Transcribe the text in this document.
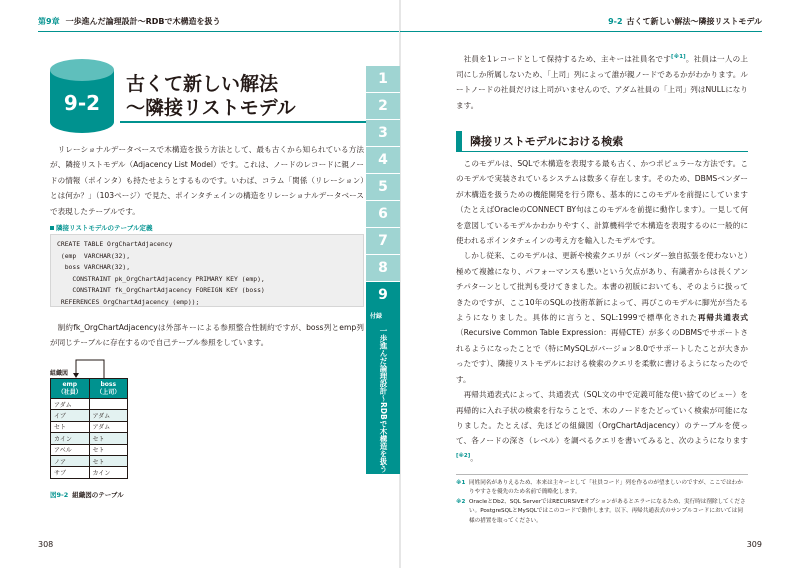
第9章 一歩進んだ論理設計〜RDBで木構造を扱う
9-2
古くて新しい解法
〜隣接リストモデル

リレーショナルデータベースで木構造を扱う方法として、最も古くから知られている方法が、隣接リストモデル（Adjacency List Model）です。これは、ノードのレコードに親ノードの情報（ポインタ）も持たせようとするものです。いわば、コラム「関係（リレーション）とは何か？」（103ページ）で見た、ポインタチェインの構造をリレーショナルデータベースで表現したテーブルです。

隣接リストモデルのテーブル定義
CREATE TABLE OrgChartAdjacency
(emp  VARCHAR(32),
boss VARCHAR(32),
CONSTRAINT pk_OrgChartAdjacency PRIMARY KEY (emp),
CONSTRAINT fk_OrgChartAdjacency FOREIGN KEY (boss)
REFERENCES OrgChartAdjacency (emp));

制約fk_OrgChartAdjacencyは外部キーによる参照整合性制約ですが、boss列とemp列が同じテーブルに存在するので自己テーブル参照をしています。

組織図
emp
（社員）	boss
（上司）
アダム	
イブ	アダム
セト	アダム
カイン	セト
アベル	セト
ノア	セト
サブ	カイン
図9-2 組織図のテーブル
308
9-2 古くて新しい解法〜隣接リストモデル

社員を1レコードとして保持するため、主キーは社員名です[※1]。社員は一人の上司にしか所属しないため、「上司」列によって誰が親ノードであるかがわかります。ルートノードの社員だけは上司がいませんので、アダム社員の「上司」列はNULLになります。

隣接リストモデルにおける検索

このモデルは、SQLで木構造を表現する最も古く、かつポピュラーな方法です。このモデルで実装されているシステムは数多く存在します。そのため、DBMSベンダーが木構造を扱うための機能開発を行う際も、基本的にこのモデルを前提にしています（たとえばOracleのCONNECT BY句はこのモデルを前提に動作します）。一見して何を意図しているモデルかわかりやすく、計算機科学で木構造を表現するのに一般的に使われるポインタチェインの考え方を輸入したモデルです。

しかし従来、このモデルは、更新や検索クエリが（ベンダー独自拡張を使わないと）極めて複雑になり、パフォーマンスも悪いという欠点があり、有識者からは長くアンチパターンとして批判も受けてきました。本書の初版においても、そのように扱ってきたのですが、ここ10年のSQLの技術革新によって、再びこのモデルに脚光が当たるようになりました。具体的に言うと、SQL:1999で標準化された再帰共通表式（Recursive Common Table Expression：再帰CTE）が多くのDBMSでサポートされるようになったことで（特にMySQLがバージョン8.0でサポートしたことが大きかったです）、隣接リストモデルにおける検索のクエリを柔軟に書けるようになったのです。

再帰共通表式によって、共通表式（SQL文の中で定義可能な使い捨てのビュー）を再帰的に入れ子状の検索を行なうことで、木のノードをたどっていく検索が可能になりました。たとえば、先ほどの組織図（OrgChartAdjacency）のテーブルを使って、各ノードの深さ（レベル）を調べるクエリを書いてみると、次のようになります[※2]。

※1 同姓同名がありえるため、本来は主キーとして「社員コード」列を作るのが望ましいのですが、ここではわかりやすさを優先のため名前で簡略化します。
※2 OracleとDb2、SQL ServerではRECURSIVEオプションがあるとエラーになるため、実行時は削除してください。PostgreSQLとMySQLではこのコードで動作します。以下、再帰共通表式のサンプルコードにおいては同様の措置を取ってください。
309
1
2
3
4
5
6
7
8
9
付録
一歩進んだ論理設計〜RDBで木構造を扱う
